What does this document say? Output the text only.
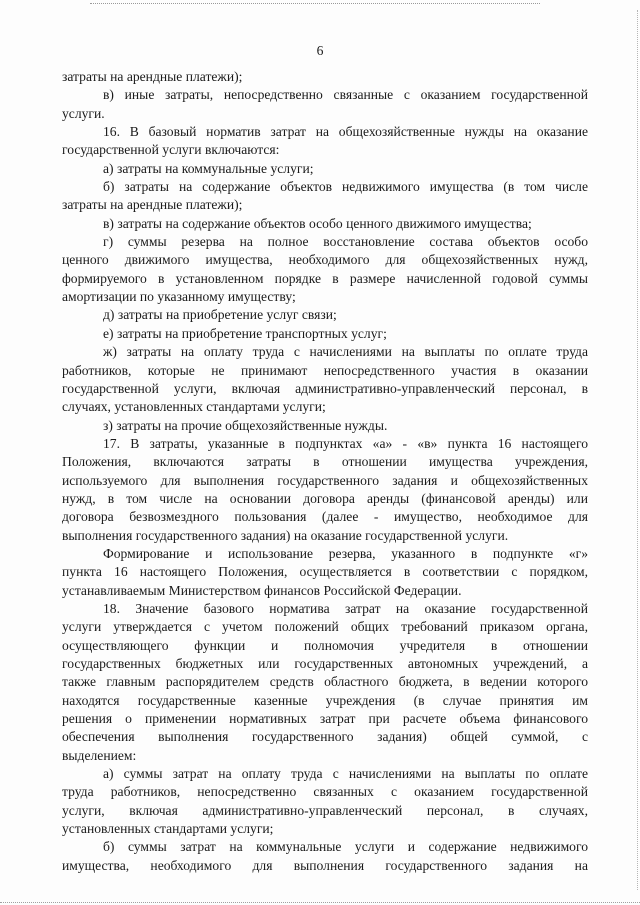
6
затраты на арендные платежи);
в) иные затраты, непосредственно связанные с оказанием государственной
услуги.
16. В базовый норматив затрат на общехозяйственные нужды на оказание
государственной услуги включаются:
а) затраты на коммунальные услуги;
б) затраты на содержание объектов недвижимого имущества (в том числе
затраты на арендные платежи);
в) затраты на содержание объектов особо ценного движимого имущества;
г) суммы резерва на полное восстановление состава объектов особо
ценного движимого имущества, необходимого для общехозяйственных нужд,
формируемого в установленном порядке в размере начисленной годовой суммы
амортизации по указанному имуществу;
д) затраты на приобретение услуг связи;
е) затраты на приобретение транспортных услуг;
ж) затраты на оплату труда с начислениями на выплаты по оплате труда
работников, которые не принимают непосредственного участия в оказании
государственной услуги, включая административно-управленческий персонал, в
случаях, установленных стандартами услуги;
з) затраты на прочие общехозяйственные нужды.
17. В затраты, указанные в подпунктах «а» - «в» пункта 16 настоящего
Положения, включаются затраты в отношении имущества учреждения,
используемого для выполнения государственного задания и общехозяйственных
нужд, в том числе на основании договора аренды (финансовой аренды) или
договора безвозмездного пользования (далее - имущество, необходимое для
выполнения государственного задания) на оказание государственной услуги.
Формирование и использование резерва, указанного в подпункте «г»
пункта 16 настоящего Положения, осуществляется в соответствии с порядком,
устанавливаемым Министерством финансов Российской Федерации.
18. Значение базового норматива затрат на оказание государственной
услуги утверждается с учетом положений общих требований приказом органа,
осуществляющего функции и полномочия учредителя в отношении
государственных бюджетных или государственных автономных учреждений, а
также главным распорядителем средств областного бюджета, в ведении которого
находятся государственные казенные учреждения (в случае принятия им
решения о применении нормативных затрат при расчете объема финансового
обеспечения выполнения государственного задания) общей суммой, с
выделением:
а) суммы затрат на оплату труда с начислениями на выплаты по оплате
труда работников, непосредственно связанных с оказанием государственной
услуги, включая административно-управленческий персонал, в случаях,
установленных стандартами услуги;
б) суммы затрат на коммунальные услуги и содержание недвижимого
имущества, необходимого для выполнения государственного задания на
